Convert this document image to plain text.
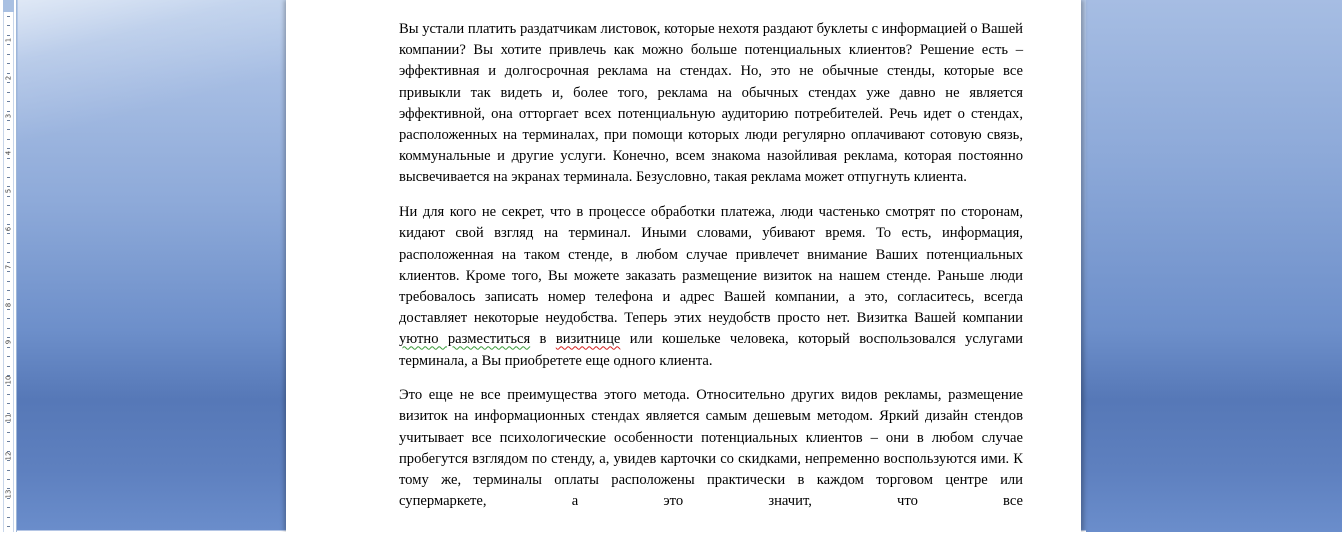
1
2
3
4
5
6
7
8
9
10
11
12
13

Вы устали платить раздатчикам листовок, которые нехотя раздают буклеты с информацией о Вашей компании? Вы хотите привлечь как можно больше потенциальных клиентов? Решение есть – эффективная и долгосрочная реклама на стендах. Но, это не обычные стенды, которые все привыкли так видеть и, более того, реклама на обычных стендах уже давно не является эффективной, она отторгает всех потенциальную аудиторию потребителей. Речь идет о стендах, расположенных на терминалах, при помощи которых люди регулярно оплачивают сотовую связь, коммунальные и другие услуги. Конечно, всем знакома назойливая реклама, которая постоянно высвечивается на экранах терминала. Безусловно, такая реклама может отпугнуть клиента.

Ни для кого не секрет, что в процессе обработки платежа, люди частенько смотрят по сторонам, кидают свой взгляд на терминал. Иными словами, убивают время. То есть, информация, расположенная на таком стенде, в любом случае привлечет внимание Ваших потенциальных клиентов. Кроме того, Вы можете заказать размещение визиток на нашем стенде. Раньше люди требовалось записать номер телефона и адрес Вашей компании, а это, согласитесь, всегда доставляет некоторые неудобства. Теперь этих неудобств просто нет. Визитка Вашей компании уютно разместиться в визитнице или кошельке человека, который воспользовался услугами терминала, а Вы приобретете еще одного клиента.

Это еще не все преимущества этого метода. Относительно других видов рекламы, размещение визиток на информационных стендах является самым дешевым методом. Яркий дизайн стендов учитывает все психологические особенности потенциальных клиентов – они в любом случае пробегутся взглядом по стенду, а, увидев карточки со скидками, непременно воспользуются ими. К тому же, терминалы оплаты расположены практически в каждом торговом центре или супермаркете, а это значит, что все
